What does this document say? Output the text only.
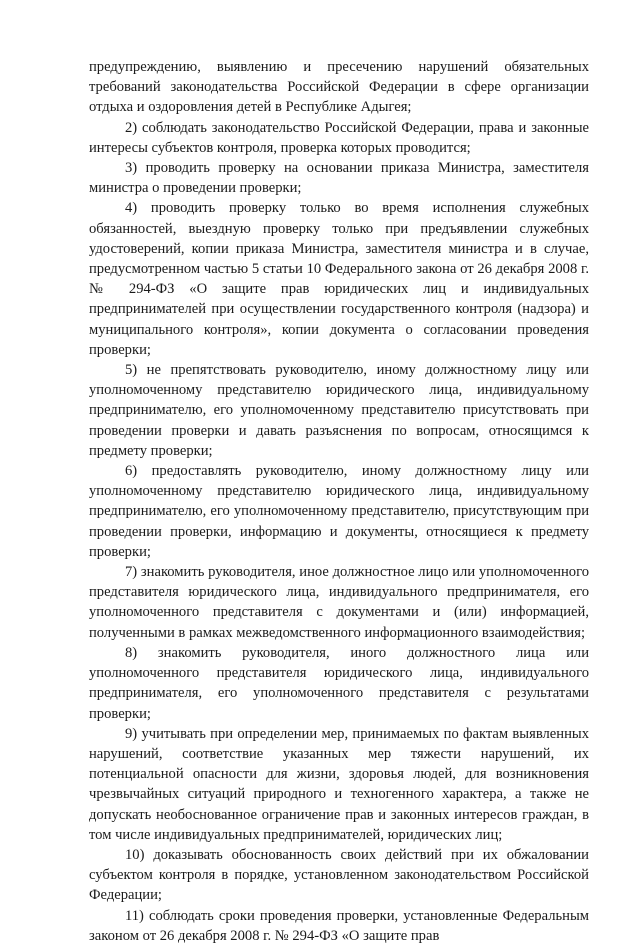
предупреждению, выявлению и пресечению нарушений обязательных требований законодательства Российской Федерации в сфере организации отдыха и оздоровления детей в Республике Адыгея;

2) соблюдать законодательство Российской Федерации, права и законные интересы субъектов контроля, проверка которых проводится;

3) проводить проверку на основании приказа Министра, заместителя министра о проведении проверки;

4) проводить проверку только во время исполнения служебных обязанностей, выездную проверку только при предъявлении служебных удостоверений, копии приказа Министра, заместителя министра и в случае, предусмотренном частью 5 статьи 10 Федерального закона от 26 декабря 2008 г. № 294-ФЗ «О защите прав юридических лиц и индивидуальных предпринимателей при осуществлении государственного контроля (надзора) и муниципального контроля», копии документа о согласовании проведения проверки;

5) не препятствовать руководителю, иному должностному лицу или уполномоченному представителю юридического лица, индивидуальному предпринимателю, его уполномоченному представителю присутствовать при проведении проверки и давать разъяснения по вопросам, относящимся к предмету проверки;

6) предоставлять руководителю, иному должностному лицу или уполномоченному представителю юридического лица, индивидуальному предпринимателю, его уполномоченному представителю, присутствующим при проведении проверки, информацию и документы, относящиеся к предмету проверки;

7) знакомить руководителя, иное должностное лицо или уполномоченного представителя юридического лица, индивидуального предпринимателя, его уполномоченного представителя с документами и (или) информацией, полученными в рамках межведомственного информационного взаимодействия;

8) знакомить руководителя, иного должностного лица или уполномоченного представителя юридического лица, индивидуального предпринимателя, его уполномоченного представителя с результатами проверки;

9) учитывать при определении мер, принимаемых по фактам выявленных нарушений, соответствие указанных мер тяжести нарушений, их потенциальной опасности для жизни, здоровья людей, для возникновения чрезвычайных ситуаций природного и техногенного характера, а также не допускать необоснованное ограничение прав и законных интересов граждан, в том числе индивидуальных предпринимателей, юридических лиц;

10) доказывать обоснованность своих действий при их обжаловании субъектом контроля в порядке, установленном законодательством Российской Федерации;

11) соблюдать сроки проведения проверки, установленные Федеральным законом от 26 декабря 2008 г. № 294-ФЗ «О защите прав
